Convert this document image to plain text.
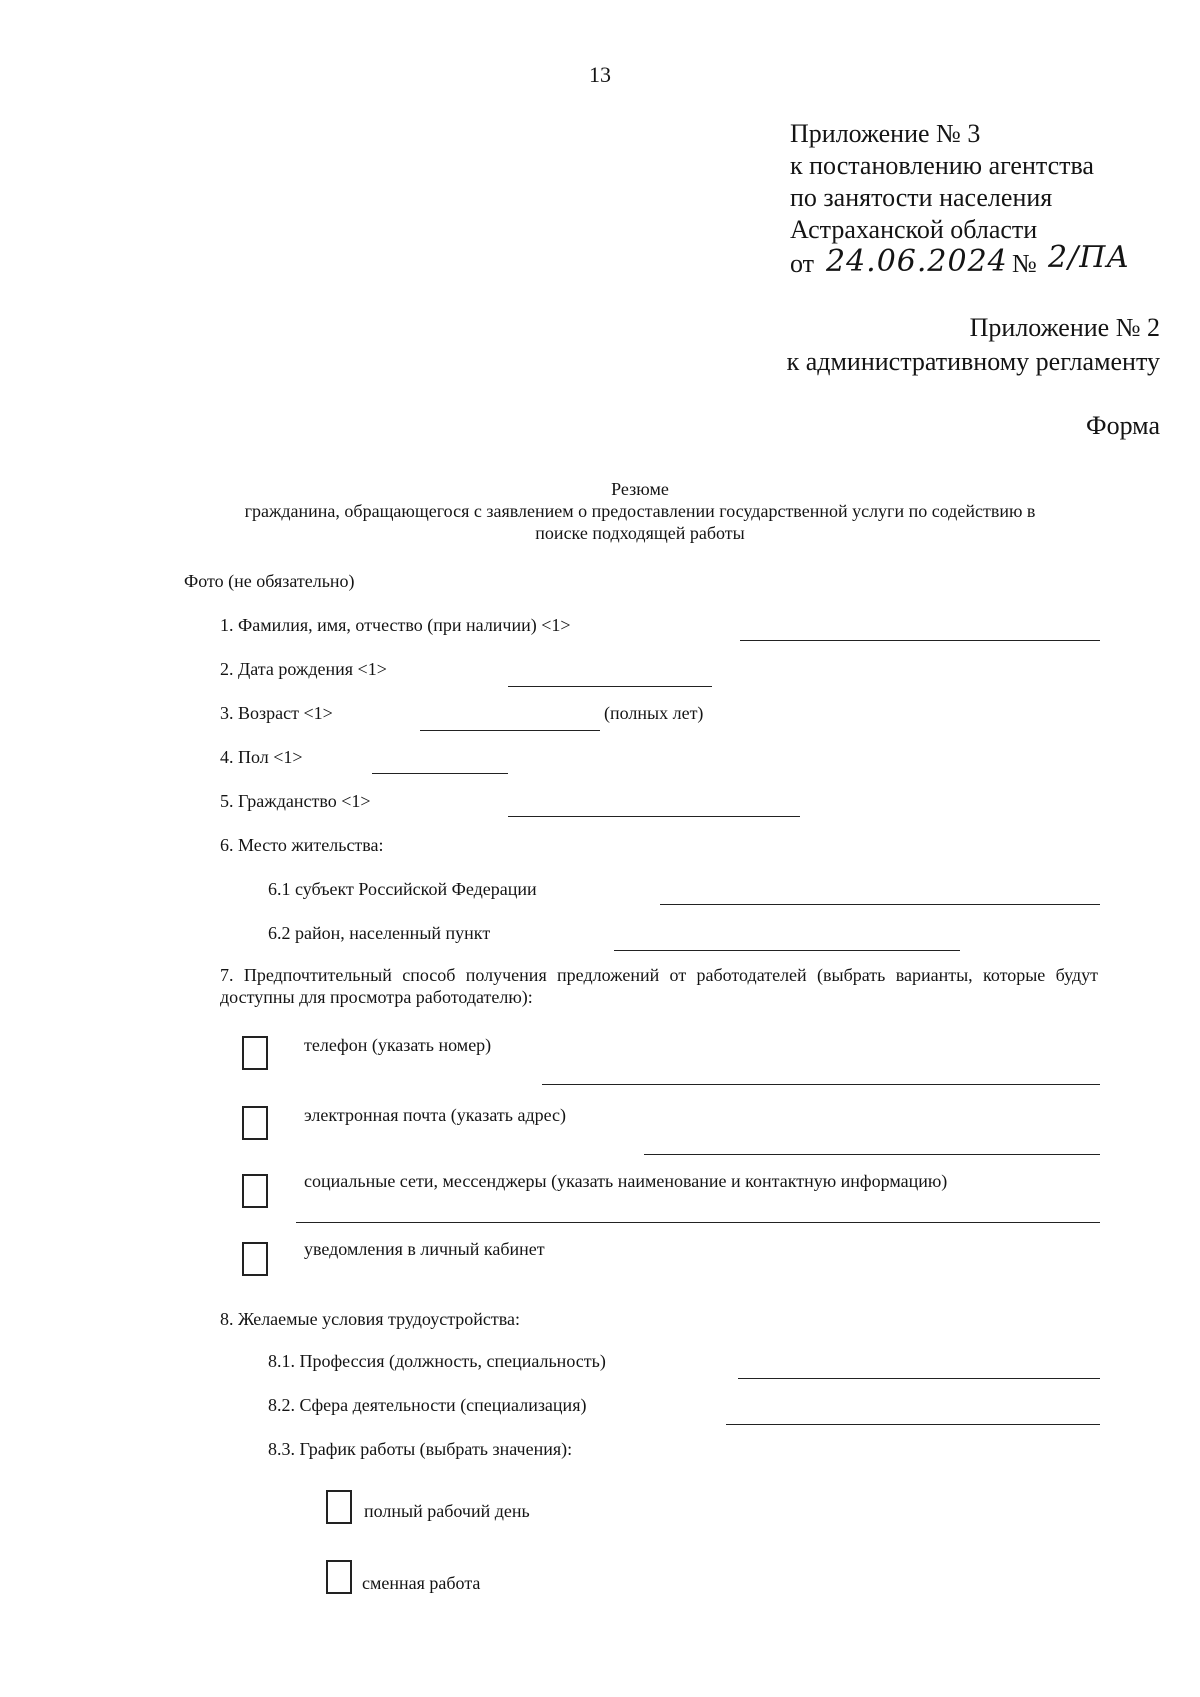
13
Приложение № 3
к постановлению агентства
по занятости населения
Астраханской области
от 24.06.2024 № 2/ПА
Приложение № 2
к административному регламенту
Форма
Резюме
гражданина, обращающегося с заявлением о предоставлении государственной услуги по содействию в
поиске подходящей работы
Фото (не обязательно)
1. Фамилия, имя, отчество (при наличии) <1>
2. Дата рождения <1>
3. Возраст <1>	(полных лет)
4. Пол <1>
5. Гражданство <1>
6. Место жительства:
6.1 субъект Российской Федерации
6.2 район, населенный пункт
7. Предпочтительный способ получения предложений от работодателей (выбрать варианты, которые будут доступны для просмотра работодателю):
телефон (указать номер)
электронная почта (указать адрес)
социальные сети, мессенджеры (указать наименование и контактную информацию)
уведомления в личный кабинет
8. Желаемые условия трудоустройства:
8.1. Профессия (должность, специальность)
8.2. Сфера деятельности (специализация)
8.3. График работы (выбрать значения):
полный рабочий день
сменная работа
